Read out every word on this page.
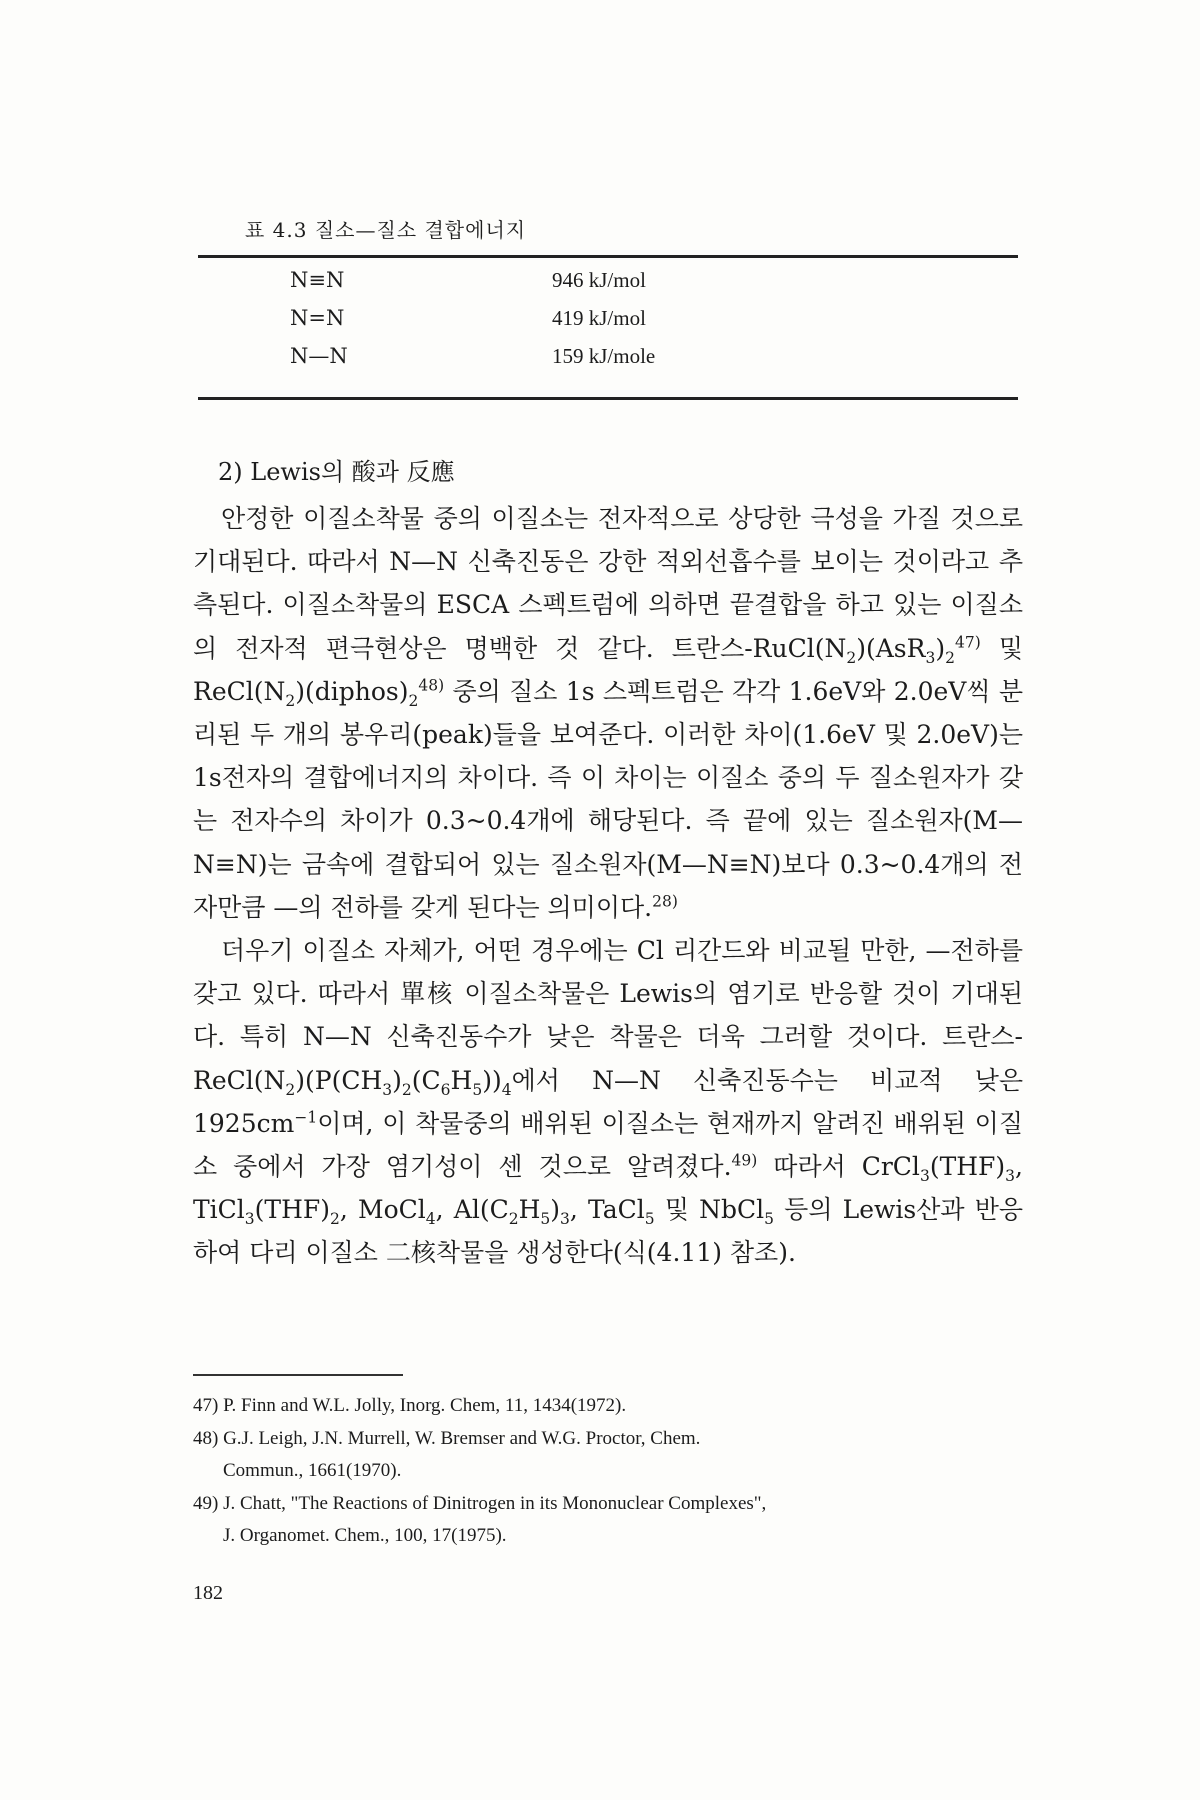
표 4.3 질소—질소 결합에너지
N≡N	946 kJ/mol
N=N	419 kJ/mol
N—N	159 kJ/mole
2) Lewis의 酸과 反應

안정한 이질소착물 중의 이질소는 전자적으로 상당한 극성을 가질 것으로 기대된다. 따라서 N—N 신축진동은 강한 적외선흡수를 보이는 것이라고 추측된다. 이질소착물의 ESCA 스펙트럼에 의하면 끝결합을 하고 있는 이질소의 전자적 편극현상은 명백한 것 같다. 트란스$-RuCl(N_2)(AsR_3)_2^{47)}$ 및 $ReCl(N_2)(diphos)_2^{48)}$ 중의 질소 1s 스펙트럼은 각각 1.6eV와 2.0eV씩 분리된 두 개의 봉우리(peak)들을 보여준다. 이러한 차이(1.6eV 및 2.0eV)는 1s전자의 결합에너지의 차이다. 즉 이 차이는 이질소 중의 두 질소원자가 갖는 전자수의 차이가 0.3~0.4개에 해당된다. 즉 끝에 있는 질소원자(M—N≡N)는 금속에 결합되어 있는 질소원자(M—N≡N)보다 0.3~0.4개의 전자만큼 —의 전하를 갖게 된다는 의미이다.$^{28)}$

더우기 이질소 자체가, 어떤 경우에는 Cl 리간드와 비교될 만한, —전하를 갖고 있다. 따라서 單核 이질소착물은 Lewis의 염기로 반응할 것이 기대된다. 특히 N—N 신축진동수가 낮은 착물은 더욱 그러할 것이다. 트란스$-ReCl(N_2)(P(CH_3)_2(C_6H_5))_4$에서 N—N 신축진동수는 비교적 낮은 $1925cm^{-1}$이며, 이 착물중의 배위된 이질소는 현재까지 알려진 배위된 이질소 중에서 가장 염기성이 센 것으로 알려졌다.$^{49)}$ 따라서 $CrCl_3(THF)_3$, $TiCl_3(THF)_2$, MoCl$_4$, $Al(C_2H_5)_3$, TaCl$_5$ 및 NbCl$_5$ 등의 Lewis산과 반응하여 다리 이질소 二核착물을 생성한다(식(4.11) 참조).

47) P. Finn and W.L. Jolly, Inorg. Chem, 11, 1434(1972).

48) G.J. Leigh, J.N. Murrell, W. Bremser and W.G. Proctor, Chem.
Commun., 1661(1970).

49) J. Chatt, "The Reactions of Dinitrogen in its Mononuclear Complexes",
J. Organomet. Chem., 100, 17(1975).

182
